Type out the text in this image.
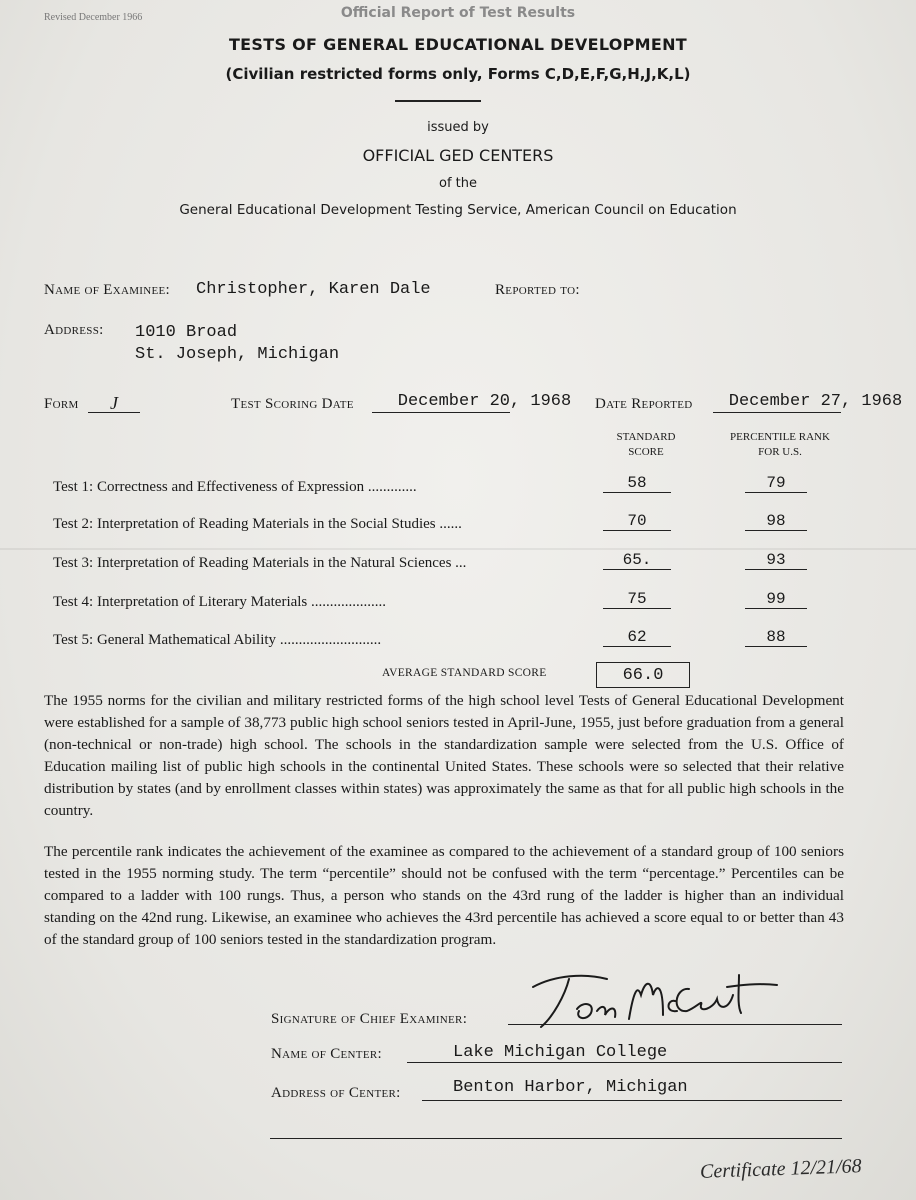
Revised December 1966	Official Report of Test Results
TESTS OF GENERAL EDUCATIONAL DEVELOPMENT
(Civilian restricted forms only, Forms C,D,E,F,G,H,J,K,L)
issued by
OFFICIAL GED CENTERS
of the
General Educational Development Testing Service, American Council on Education
Name of Examinee: Christopher, Karen Dale	Reported to:
Address: 1010 Broad
St. Joseph, Michigan
Form	J	Test Scoring Date	December 20 , 1968 Date Reported	December 27 , 1968
STANDARD
SCORE
PERCENTILE RANK
FOR U.S.
Test 1: Correctness and Effectiveness of Expression .............	58	79
Test 2: Interpretation of Reading Materials in the Social Studies ......	70	98
Test 3: Interpretation of Reading Materials in the Natural Sciences ...	65.	93
Test 4: Interpretation of Literary Materials ....................	75	99
Test 5: General Mathematical Ability ...........................	62	88
AVERAGE STANDARD SCORE	66.0
The 1955 norms for the civilian and military restricted forms of the high school level Tests of General Educational Development were established for a sample of 38,773 public high school seniors tested in April-June, 1955, just before graduation from a general (non-technical or non-trade) high school. The schools in the standardization sample were selected from the U.S. Office of Education mailing list of public high schools in the continental United States. These schools were so selected that their relative distribution by states (and by enrollment classes within states) was approximately the same as that for all public high schools in the country.
The percentile rank indicates the achievement of the examinee as compared to the achievement of a standard group of 100 seniors tested in the 1955 norming study. The term “percentile” should not be confused with the term “percentage.” Percentiles can be compared to a ladder with 100 rungs. Thus, a person who stands on the 43rd rung of the ladder is higher than an individual standing on the 42nd rung. Likewise, an examinee who achieves the 43rd percentile has achieved a score equal to or better than 43 of the standard group of 100 seniors tested in the standardization program.
Signature of Chief Examiner:
Name of Center:	Lake Michigan College
Address of Center:	Benton Harbor, Michigan
Certificate 12/21/68
